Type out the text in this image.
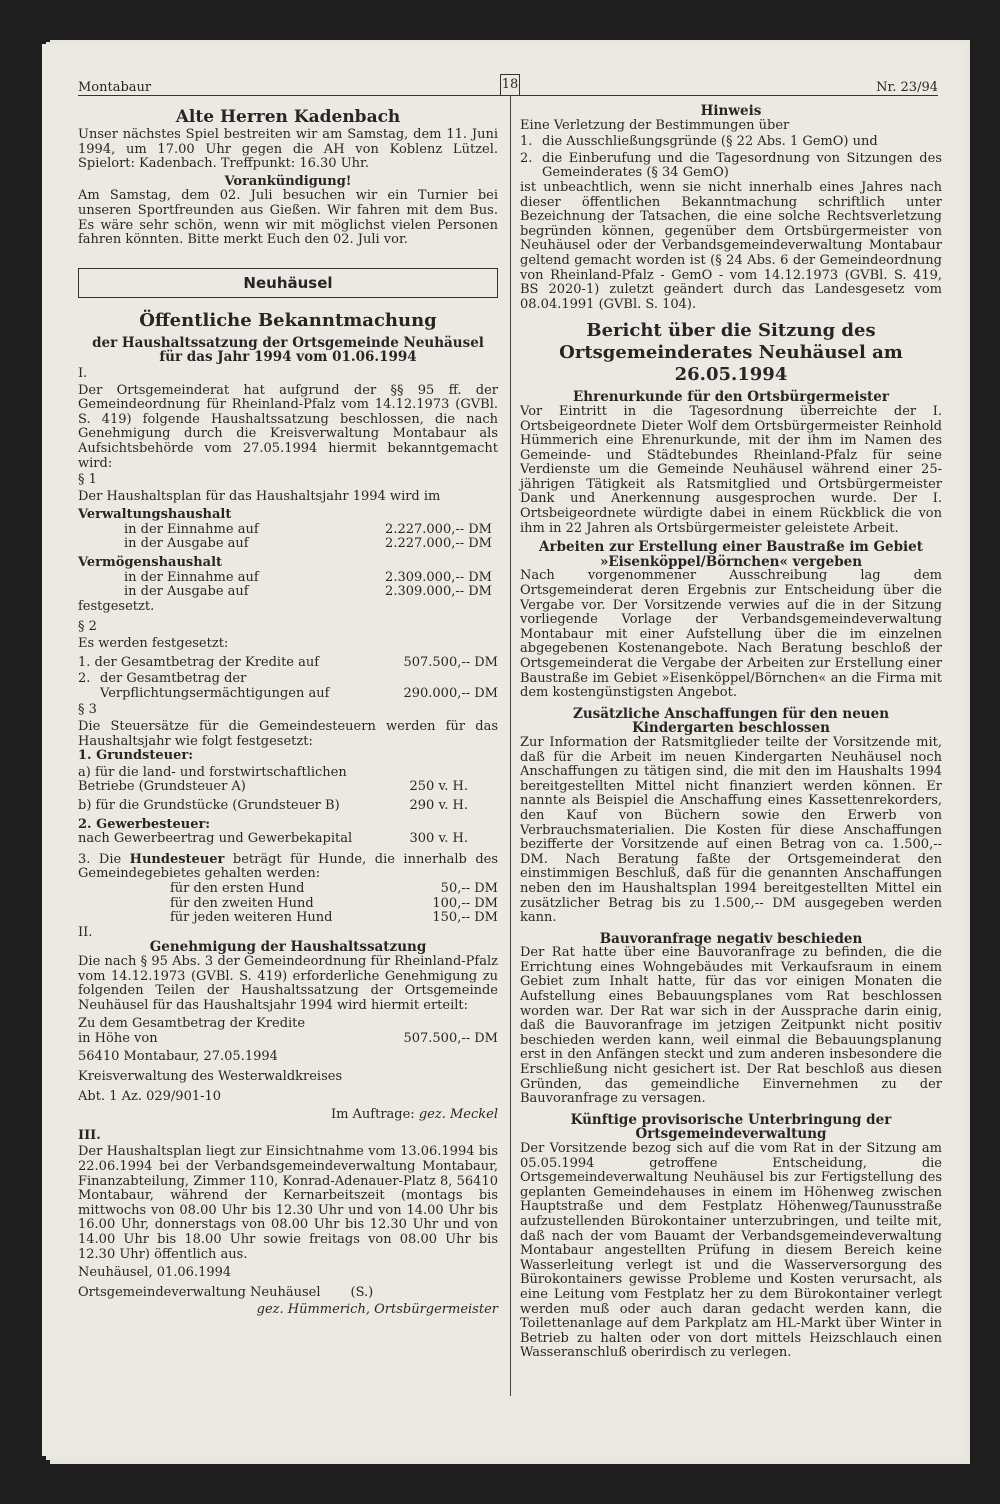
Montabaur	18	Nr. 23/94
Alte Herren Kadenbach

Unser nächstes Spiel bestreiten wir am Samstag, dem 11. Juni 1994, um 17.00 Uhr gegen die AH von Koblenz Lützel. Spielort: Kadenbach. Treffpunkt: 16.30 Uhr.

Vorankündigung!

Am Samstag, dem 02. Juli besuchen wir ein Turnier bei unseren Sportfreunden aus Gießen. Wir fahren mit dem Bus. Es wäre sehr schön, wenn wir mit möglichst vielen Personen fahren könnten. Bitte merkt Euch den 02. Juli vor.

Neuhäusel
Öffentliche Bekanntmachung
der Haushaltssatzung der Ortsgemeinde Neuhäusel
für das Jahr 1994 vom 01.06.1994

I.

Der Ortsgemeinderat hat aufgrund der §§ 95 ff. der Gemeindeordnung für Rheinland-Pfalz vom 14.12.1973 (GVBl. S. 419) folgende Haushaltssatzung beschlossen, die nach Genehmigung durch die Kreisverwaltung Montabaur als Aufsichtsbehörde vom 27.05.1994 hiermit bekanntgemacht wird:

§ 1

Der Haushaltsplan für das Haushaltsjahr 1994 wird im

Verwaltungshaushalt

in der Einnahme auf	2.227.000,-- DM
in der Ausgabe auf	2.227.000,-- DM

Vermögenshaushalt

in der Einnahme auf	2.309.000,-- DM
in der Ausgabe auf	2.309.000,-- DM

festgesetzt.

§ 2

Es werden festgesetzt:

1. der Gesamtbetrag der Kredite auf	507.500,-- DM
2. der Gesamtbetrag der Verpflichtungsermächtigungen auf	290.000,-- DM

§ 3

Die Steuersätze für die Gemeindesteuern werden für das Haushaltsjahr wie folgt festgesetzt:

1. Grundsteuer:

a) für die land- und forstwirtschaftlichen Betriebe (Grundsteuer A)	250 v. H.
b) für die Grundstücke (Grundsteuer B)	290 v. H.

2. Gewerbesteuer:

nach Gewerbeertrag und Gewerbekapital	300 v. H.

3. Die Hundesteuer beträgt für Hunde, die innerhalb des Gemeindegebietes gehalten werden:

für den ersten Hund	50,-- DM
für den zweiten Hund	100,-- DM
für jeden weiteren Hund	150,-- DM

II.

Genehmigung der Haushaltssatzung

Die nach § 95 Abs. 3 der Gemeindeordnung für Rheinland-Pfalz vom 14.12.1973 (GVBl. S. 419) erforderliche Genehmigung zu folgenden Teilen der Haushaltssatzung der Ortsgemeinde Neuhäusel für das Haushaltsjahr 1994 wird hiermit erteilt:

Zu dem Gesamtbetrag der Kredite

in Höhe von	507.500,-- DM

56410 Montabaur, 27.05.1994

Kreisverwaltung des Westerwaldkreises

Abt. 1 Az. 029/901-10

Im Auftrage: gez. Meckel

III.

Der Haushaltsplan liegt zur Einsichtnahme vom 13.06.1994 bis 22.06.1994 bei der Verbandsgemeindeverwaltung Montabaur, Finanzabteilung, Zimmer 110, Konrad-Adenauer-Platz 8, 56410 Montabaur, während der Kernarbeitszeit (montags bis mittwochs von 08.00 Uhr bis 12.30 Uhr und von 14.00 Uhr bis 16.00 Uhr, donnerstags von 08.00 Uhr bis 12.30 Uhr und von 14.00 Uhr bis 18.00 Uhr sowie freitags von 08.00 Uhr bis 12.30 Uhr) öffentlich aus.

Neuhäusel, 01.06.1994

Ortsgemeindeverwaltung Neuhäusel (S.)

gez. Hümmerich, Ortsbürgermeister

Hinweis

Eine Verletzung der Bestimmungen über

1. die Ausschließungsgründe (§ 22 Abs. 1 GemO) und
2. die Einberufung und die Tagesordnung von Sitzungen des Gemeinderates (§ 34 GemO)

ist unbeachtlich, wenn sie nicht innerhalb eines Jahres nach dieser öffentlichen Bekanntmachung schriftlich unter Bezeichnung der Tatsachen, die eine solche Rechtsverletzung begründen können, gegenüber dem Ortsbürgermeister von Neuhäusel oder der Verbandsgemeindeverwaltung Montabaur geltend gemacht worden ist (§ 24 Abs. 6 der Gemeindeordnung von Rheinland-Pfalz - GemO - vom 14.12.1973 (GVBl. S. 419, BS 2020-1) zuletzt geändert durch das Landesgesetz vom 08.04.1991 (GVBl. S. 104).

Bericht über die Sitzung des
Ortsgemeinderates Neuhäusel am 26.05.1994
Ehrenurkunde für den Ortsbürgermeister

Vor Eintritt in die Tagesordnung überreichte der I. Ortsbeigeordnete Dieter Wolf dem Ortsbürgermeister Reinhold Hümmerich eine Ehrenurkunde, mit der ihm im Namen des Gemeinde- und Städtebundes Rheinland-Pfalz für seine Verdienste um die Gemeinde Neuhäusel während einer 25-jährigen Tätigkeit als Ratsmitglied und Ortsbürgermeister Dank und Anerkennung ausgesprochen wurde. Der I. Ortsbeigeordnete würdigte dabei in einem Rückblick die von ihm in 22 Jahren als Ortsbürgermeister geleistete Arbeit.

Arbeiten zur Erstellung einer Baustraße im Gebiet »Eisenköppel/Börnchen« vergeben

Nach vorgenommener Ausschreibung lag dem Ortsgemeinderat deren Ergebnis zur Entscheidung über die Vergabe vor. Der Vorsitzende verwies auf die in der Sitzung vorliegende Vorlage der Verbandsgemeindeverwaltung Montabaur mit einer Aufstellung über die im einzelnen abgegebenen Kostenangebote. Nach Beratung beschloß der Ortsgemeinderat die Vergabe der Arbeiten zur Erstellung einer Baustraße im Gebiet »Eisenköppel/Börnchen« an die Firma mit dem kostengünstigsten Angebot.

Zusätzliche Anschaffungen für den neuen Kindergarten beschlossen

Zur Information der Ratsmitglieder teilte der Vorsitzende mit, daß für die Arbeit im neuen Kindergarten Neuhäusel noch Anschaffungen zu tätigen sind, die mit den im Haushalts 1994 bereitgestellten Mittel nicht finanziert werden können. Er nannte als Beispiel die Anschaffung eines Kassettenrekorders, den Kauf von Büchern sowie den Erwerb von Verbrauchsmaterialien. Die Kosten für diese Anschaffungen bezifferte der Vorsitzende auf einen Betrag von ca. 1.500,-- DM. Nach Beratung faßte der Ortsgemeinderat den einstimmigen Beschluß, daß für die genannten Anschaffungen neben den im Haushaltsplan 1994 bereitgestellten Mittel ein zusätzlicher Betrag bis zu 1.500,-- DM ausgegeben werden kann.

Bauvoranfrage negativ beschieden

Der Rat hatte über eine Bauvoranfrage zu befinden, die die Errichtung eines Wohngebäudes mit Verkaufsraum in einem Gebiet zum Inhalt hatte, für das vor einigen Monaten die Aufstellung eines Bebauungsplanes vom Rat beschlossen worden war. Der Rat war sich in der Aussprache darin einig, daß die Bauvoranfrage im jetzigen Zeitpunkt nicht positiv beschieden werden kann, weil einmal die Bebauungsplanung erst in den Anfängen steckt und zum anderen insbesondere die Erschließung nicht gesichert ist. Der Rat beschloß aus diesen Gründen, das gemeindliche Einvernehmen zu der Bauvoranfrage zu versagen.

Künftige provisorische Unterbringung der Ortsgemeindeverwaltung

Der Vorsitzende bezog sich auf die vom Rat in der Sitzung am 05.05.1994 getroffene Entscheidung, die Ortsgemeindeverwaltung Neuhäusel bis zur Fertigstellung des geplanten Gemeindehauses in einem im Höhenweg zwischen Hauptstraße und dem Festplatz Höhenweg/Taunusstraße aufzustellenden Bürokontainer unterzubringen, und teilte mit, daß nach der vom Bauamt der Verbandsgemeindeverwaltung Montabaur angestellten Prüfung in diesem Bereich keine Wasserleitung verlegt ist und die Wasserversorgung des Bürokontainers gewisse Probleme und Kosten verursacht, als eine Leitung vom Festplatz her zu dem Bürokontainer verlegt werden muß oder auch daran gedacht werden kann, die Toilettenanlage auf dem Parkplatz am HL-Markt über Winter in Betrieb zu halten oder von dort mittels Heizschlauch einen Wasseranschluß oberirdisch zu verlegen.
